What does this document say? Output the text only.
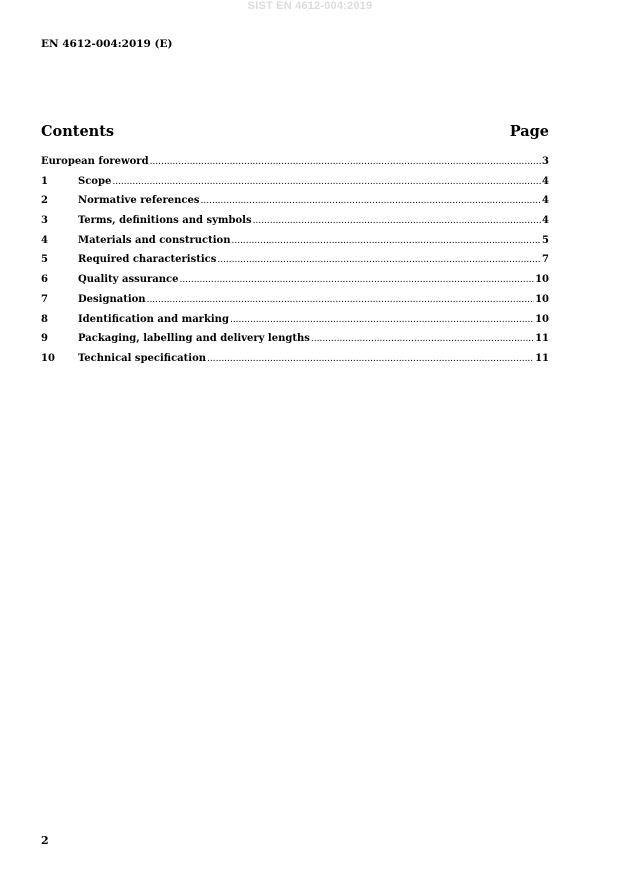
SIST EN 4612-004:2019
EN 4612-004:2019 (E)
Contents	Page
European foreword .....	3
1	Scope .....	4
2	Normative references .....	4
3	Terms, definitions and symbols .....	4
4	Materials and construction .....	5
5	Required characteristics .....	7
6	Quality assurance .....	10
7	Designation .....	10
8	Identification and marking .....	10
9	Packaging, labelling and delivery lengths .....	11
10	Technical specification .....	11
2
